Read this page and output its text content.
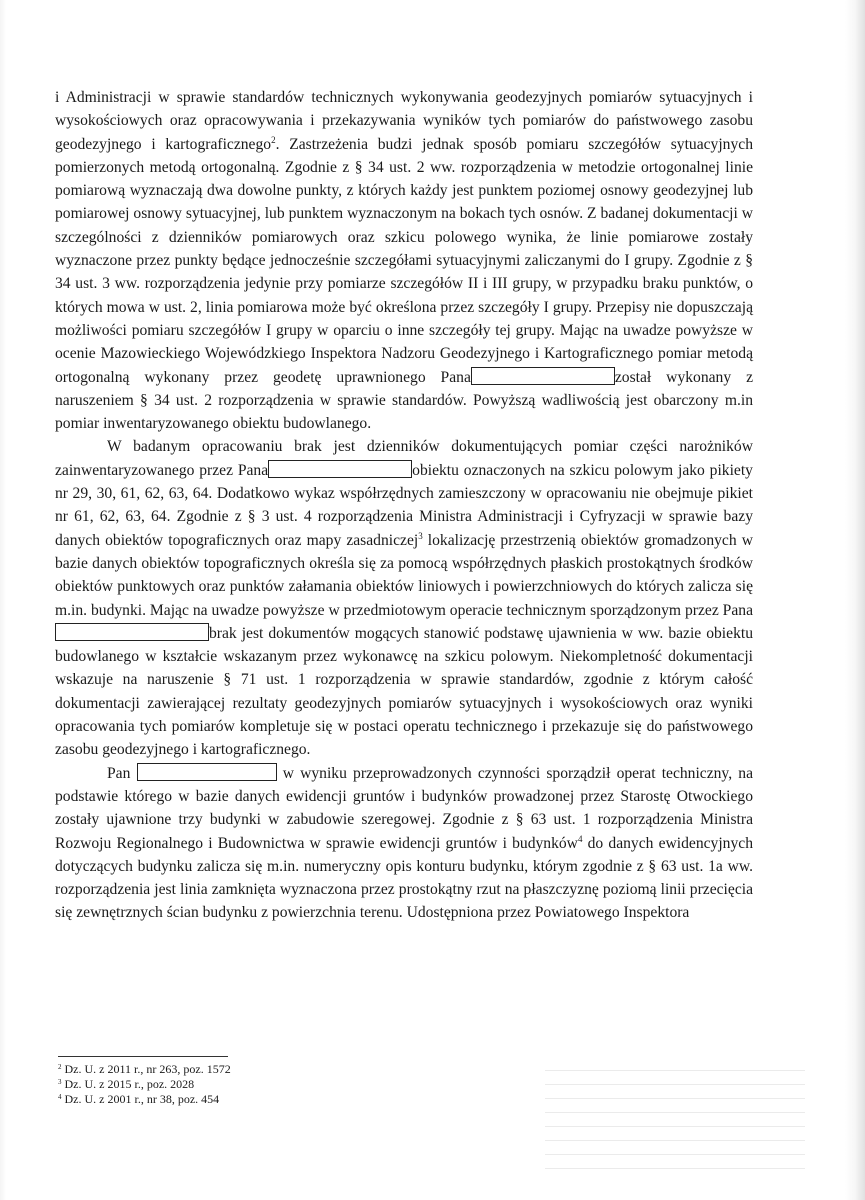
i Administracji w sprawie standardów technicznych wykonywania geodezyjnych pomiarów sytuacyjnych i wysokościowych oraz opracowywania i przekazywania wyników tych pomiarów do państwowego zasobu geodezyjnego i kartograficznego$^2$. Zastrzeżenia budzi jednak sposób pomiaru szczegółów sytuacyjnych pomierzonych metodą ortogonalną. Zgodnie z § 34 ust. 2 ww. rozporządzenia w metodzie ortogonalnej linie pomiarową wyznaczają dwa dowolne punkty, z których każdy jest punktem poziomej osnowy geodezyjnej lub pomiarowej osnowy sytuacyjnej, lub punktem wyznaczonym na bokach tych osnów. Z badanej dokumentacji w szczególności z dzienników pomiarowych oraz szkicu polowego wynika, że linie pomiarowe zostały wyznaczone przez punkty będące jednocześnie szczegółami sytuacyjnymi zaliczanymi do I grupy. Zgodnie z § 34 ust. 3 ww. rozporządzenia jedynie przy pomiarze szczegółów II i III grupy, w przypadku braku punktów, o których mowa w ust. 2, linia pomiarowa może być określona przez szczegóły I grupy. Przepisy nie dopuszczają możliwości pomiaru szczegółów I grupy w oparciu o inne szczegóły tej grupy. Mając na uwadze powyższe w ocenie Mazowieckiego Wojewódzkiego Inspektora Nadzoru Geodezyjnego i Kartograficznego pomiar metodą ortogonalną wykonany przez geodetę uprawnionego Pana	został wykonany z naruszeniem § 34 ust. 2 rozporządzenia w sprawie standardów. Powyższą wadliwością jest obarczony m.in pomiar inwentaryzowanego obiektu budowlanego.

W badanym opracowaniu brak jest dzienników dokumentujących pomiar części narożników zainwentaryzowanego przez Pana	obiektu oznaczonych na szkicu polowym jako pikiety nr 29, 30, 61, 62, 63, 64. Dodatkowo wykaz współrzędnych zamieszczony w opracowaniu nie obejmuje pikiet nr 61, 62, 63, 64. Zgodnie z § 3 ust. 4 rozporządzenia Ministra Administracji i Cyfryzacji w sprawie bazy danych obiektów topograficznych oraz mapy zasadniczej$^3$ lokalizację przestrzenią obiektów gromadzonych w bazie danych obiektów topograficznych określa się za pomocą współrzędnych płaskich prostokątnych środków obiektów punktowych oraz punktów załamania obiektów liniowych i powierzchniowych do których zalicza się m.in. budynki. Mając na uwadze powyższe w przedmiotowym operacie technicznym sporządzonym przez Panabrak jest dokumentów mogących stanowić podstawę ujawnienia w ww. bazie obiektu budowlanego w kształcie wskazanym przez wykonawcę na szkicu polowym. Niekompletność dokumentacji wskazuje na naruszenie § 71 ust. 1 rozporządzenia w sprawie standardów, zgodnie z którym całość dokumentacji zawierającej rezultaty geodezyjnych pomiarów sytuacyjnych i wysokościowych oraz wyniki opracowania tych pomiarów kompletuje się w postaci operatu technicznego i przekazuje się do państwowego zasobu geodezyjnego i kartograficznego.

Pan	w wyniku przeprowadzonych czynności sporządził operat techniczny, na podstawie którego w bazie danych ewidencji gruntów i budynków prowadzonej przez Starostę Otwockiego zostały ujawnione trzy budynki w zabudowie szeregowej. Zgodnie z § 63 ust. 1 rozporządzenia Ministra Rozwoju Regionalnego i Budownictwa w sprawie ewidencji gruntów i budynków$^4$ do danych ewidencyjnych dotyczących budynku zalicza się m.in. numeryczny opis konturu budynku, którym zgodnie z § 63 ust. 1a ww. rozporządzenia jest linia zamknięta wyznaczona przez prostokątny rzut na płaszczyznę poziomą linii przecięcia się zewnętrznych ścian budynku z powierzchnia terenu. Udostępniona przez Powiatowego Inspektora

$^2$ Dz. U. z 2011 r., nr 263, poz. 1572
$^3$ Dz. U. z 2015 r., poz. 2028
$^4$ Dz. U. z 2001 r., nr 38, poz. 454
